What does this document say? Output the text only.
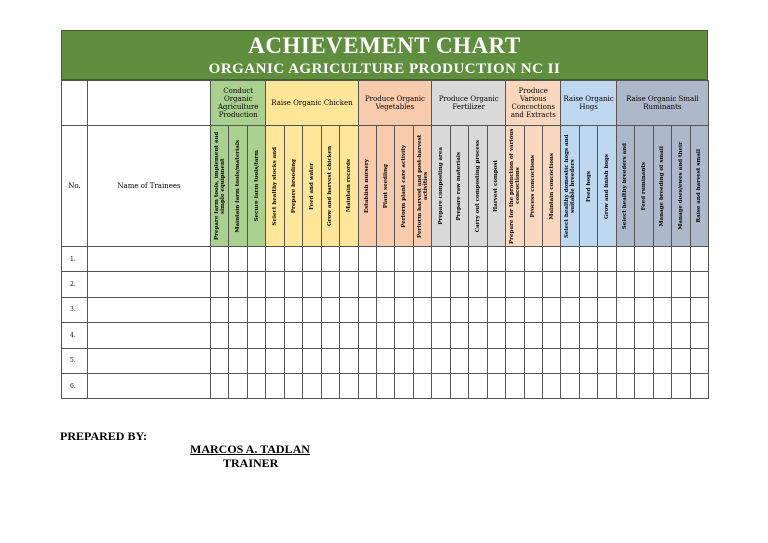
ACHIEVEMENT CHART
ORGANIC AGRICULTURE PRODUCTION NC II
		Conduct Organic Agriculture Production			Raise Organic Chicken					Produce Organic Vegetables				Produce Organic Fertilizer				Produce Various Concoctions and Extracts			Raise Organic Hogs			Raise Organic Small Ruminants				
No.	Name of Trainees	Prepare farm tools, implement and simple equipment	Maintain farm tools/materials	Secure farm tools/farm	Select healthy stocks and	Prepare brooding	Feed and water	Grow and harvest chicken	Maintain records	Establish nursery	Plant seedling	Perform plant care activity	Perform harvest and post-harvest activities	Prepare composting area	Prepare raw materials	Carry out composting process	Harvest compost	Prepare for the production of various concoctions	Process concoctions	Maintain concoctions	Select healthy domestic hogs and suitable breeders	Feed hogs	Grow and finish hogs	Select healthy breeders and	Feed ruminants	Manage breeding of small	Manage does/ewes and their	Raise and harvest small

1.																												
2.																												
3.																												
4.																												
5.																												
6.																												
PREPARED BY:
MARCOS A. TADLAN
TRAINER
